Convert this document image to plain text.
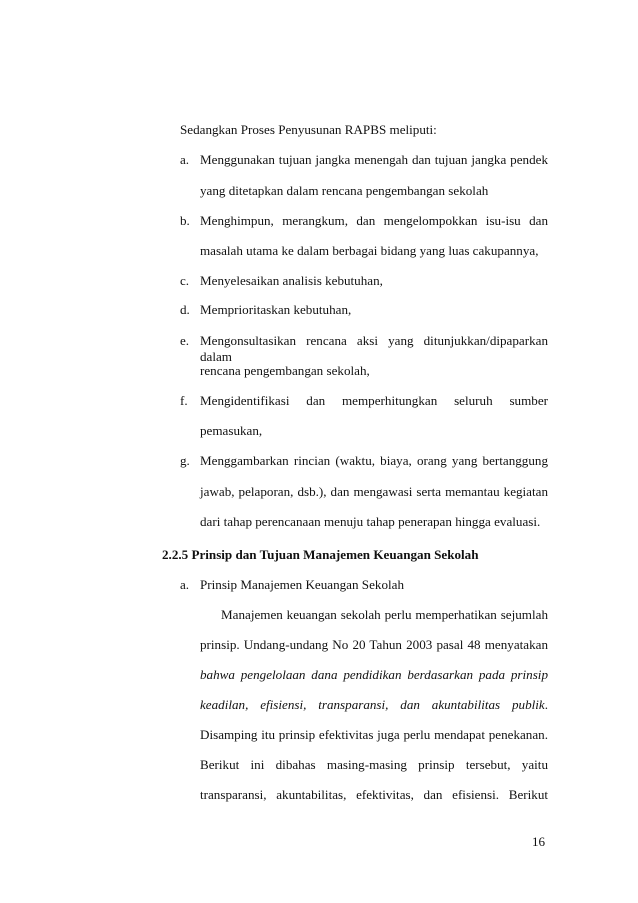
Sedangkan Proses Penyusunan RAPBS meliputi:
a. Menggunakan tujuan jangka menengah dan tujuan jangka pendek
yang ditetapkan dalam rencana pengembangan sekolah
b. Menghimpun, merangkum, dan mengelompokkan isu-isu dan
masalah utama ke dalam berbagai bidang yang luas cakupannya,
c. Menyelesaikan analisis kebutuhan,
d. Memprioritaskan kebutuhan,
e. Mengonsultasikan rencana aksi yang ditunjukkan/dipaparkan dalam
rencana pengembangan sekolah,
f. Mengidentifikasi dan memperhitungkan seluruh sumber
pemasukan,
g. Menggambarkan rincian (waktu, biaya, orang yang bertanggung
jawab, pelaporan, dsb.), dan mengawasi serta memantau kegiatan
dari tahap perencanaan menuju tahap penerapan hingga evaluasi.
2.2.5 Prinsip dan Tujuan Manajemen Keuangan Sekolah
a. Prinsip Manajemen Keuangan Sekolah
Manajemen keuangan sekolah perlu memperhatikan sejumlah
prinsip. Undang-undang No 20 Tahun 2003 pasal 48 menyatakan
bahwa pengelolaan dana pendidikan berdasarkan pada prinsip
keadilan, efisiensi, transparansi, dan akuntabilitas publik .
Disamping itu prinsip efektivitas juga perlu mendapat penekanan.
Berikut ini dibahas masing-masing prinsip tersebut, yaitu
transparansi, akuntabilitas, efektivitas, dan efisiensi. Berikut
16
